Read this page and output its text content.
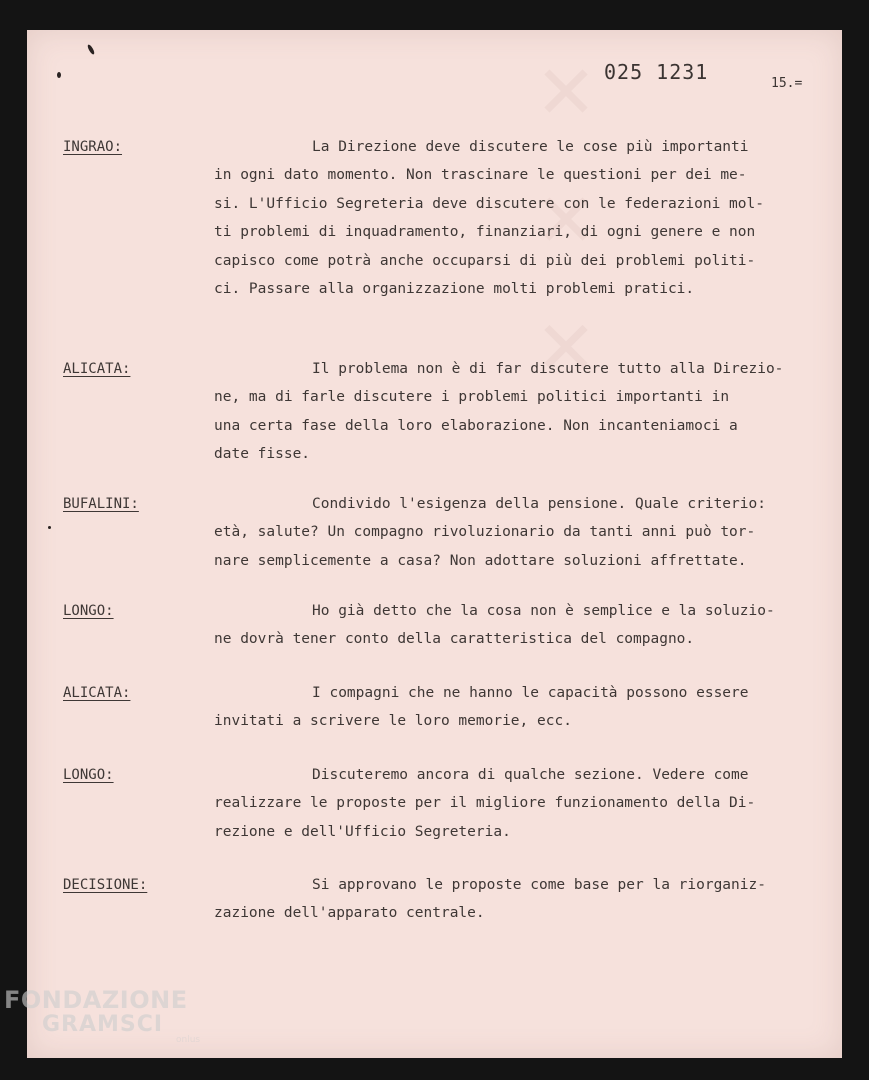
✕ ✕ ✕
025 1231	15.=
INGRAO:	La Direzione deve discutere le cose più importanti
in ogni dato momento. Non trascinare le questioni per dei me-
si. L'Ufficio Segreteria deve discutere con le federazioni mol-
ti problemi di inquadramento, finanziari, di ogni genere e non
capisco come potrà anche occuparsi di più dei problemi politi-
ci. Passare alla organizzazione molti problemi pratici.
ALICATA:	Il problema non è di far discutere tutto alla Direzio-
ne, ma di farle discutere i problemi politici importanti in
una certa fase della loro elaborazione. Non incanteniamoci a
date fisse.
BUFALINI:	Condivido l'esigenza della pensione. Quale criterio:
età, salute? Un compagno rivoluzionario da tanti anni può tor-
nare semplicemente a casa? Non adottare soluzioni affrettate.
LONGO:	Ho già detto che la cosa non è semplice e la soluzio-
ne dovrà tener conto della caratteristica del compagno.
ALICATA:	I compagni che ne hanno le capacità possono essere
invitati a scrivere le loro memorie, ecc.
LONGO:	Discuteremo ancora di qualche sezione. Vedere come
realizzare le proposte per il migliore funzionamento della Di-
rezione e dell'Ufficio Segreteria.
DECISIONE:	Si approvano le proposte come base per la riorganiz-
zazione dell'apparato centrale.
FONDAZIONE
GRAMSCI
onlus
